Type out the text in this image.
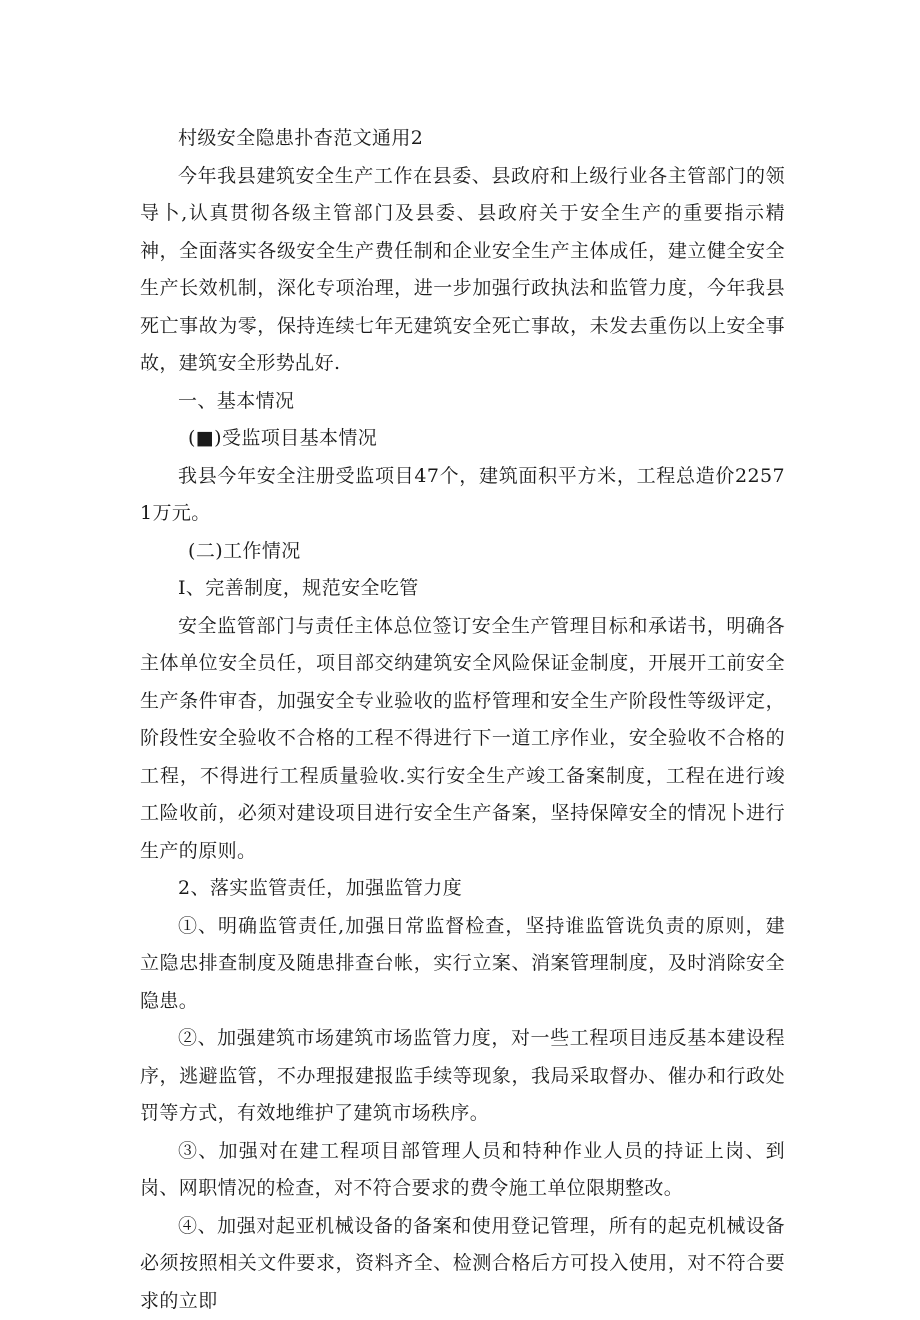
村级安全隐患扑杳范文通用2

今年我县建筑安全生产工作在县委、县政府和上级行业各主管部门的领导卜,认真贯彻各级主管部门及县委、县政府关于安全生产的重要指示精神，全面落实各级安全生产费任制和企业安全生产主体成任，建立健全安全生产长效机制，深化专项治理，进一步加强行政执法和监管力度，今年我县死亡事故为零，保持连续七年无建筑安全死亡事故，未发去重伤以上安全事故，建筑安全形势乩好.

一、基本情况

(■)受监项目基本情况

我县今年安全注册受监项目47个，建筑面积平方米，工程总造价22571万元。

(二)工作情况

I、完善制度，规范安全吃管

安全监管部门与责任主体总位签订安全生产管理目标和承诺书，明确各主体单位安全员任，项目部交纳建筑安全风险保证金制度，开展开工前安全生产条件审杳，加强安全专业验收的监杼管理和安全生产阶段性等级评定，阶段性安全验收不合格的工程不得进行下一道工序作业，安全验收不合格的工程，不得进行工程质量验收.实行安全生产竣工备案制度，工程在进行竣工险收前，必须对建设项目进行安全生产备案，坚持保障安全的情况卜进行生产的原则。

2、落实监管责任，加强监管力度

①、明确监管责任,加强日常监督检查，坚持谁监管诜负责的原则，建立隐忠排查制度及随患排查台帐，实行立案、消案管理制度，及时消除安全隐患。

②、加强建筑市场建筑市场监管力度，对一些工程项目违反基本建设程序，逃避监管，不办理报建报监手续等现象，我局采取督办、催办和行政处罚等方式，有效地维护了建筑市场秩序。

③、加强对在建工程项目部管理人员和特种作业人员的持证上岗、到岗、网职情况的检查，对不符合要求的费令施工单位限期整改。

④、加强对起亚机械设备的备案和使用登记管理，所有的起克机械设备必须按照相关文件要求，资料齐全、检测合格后方可投入使用，对不符合要求的立即
